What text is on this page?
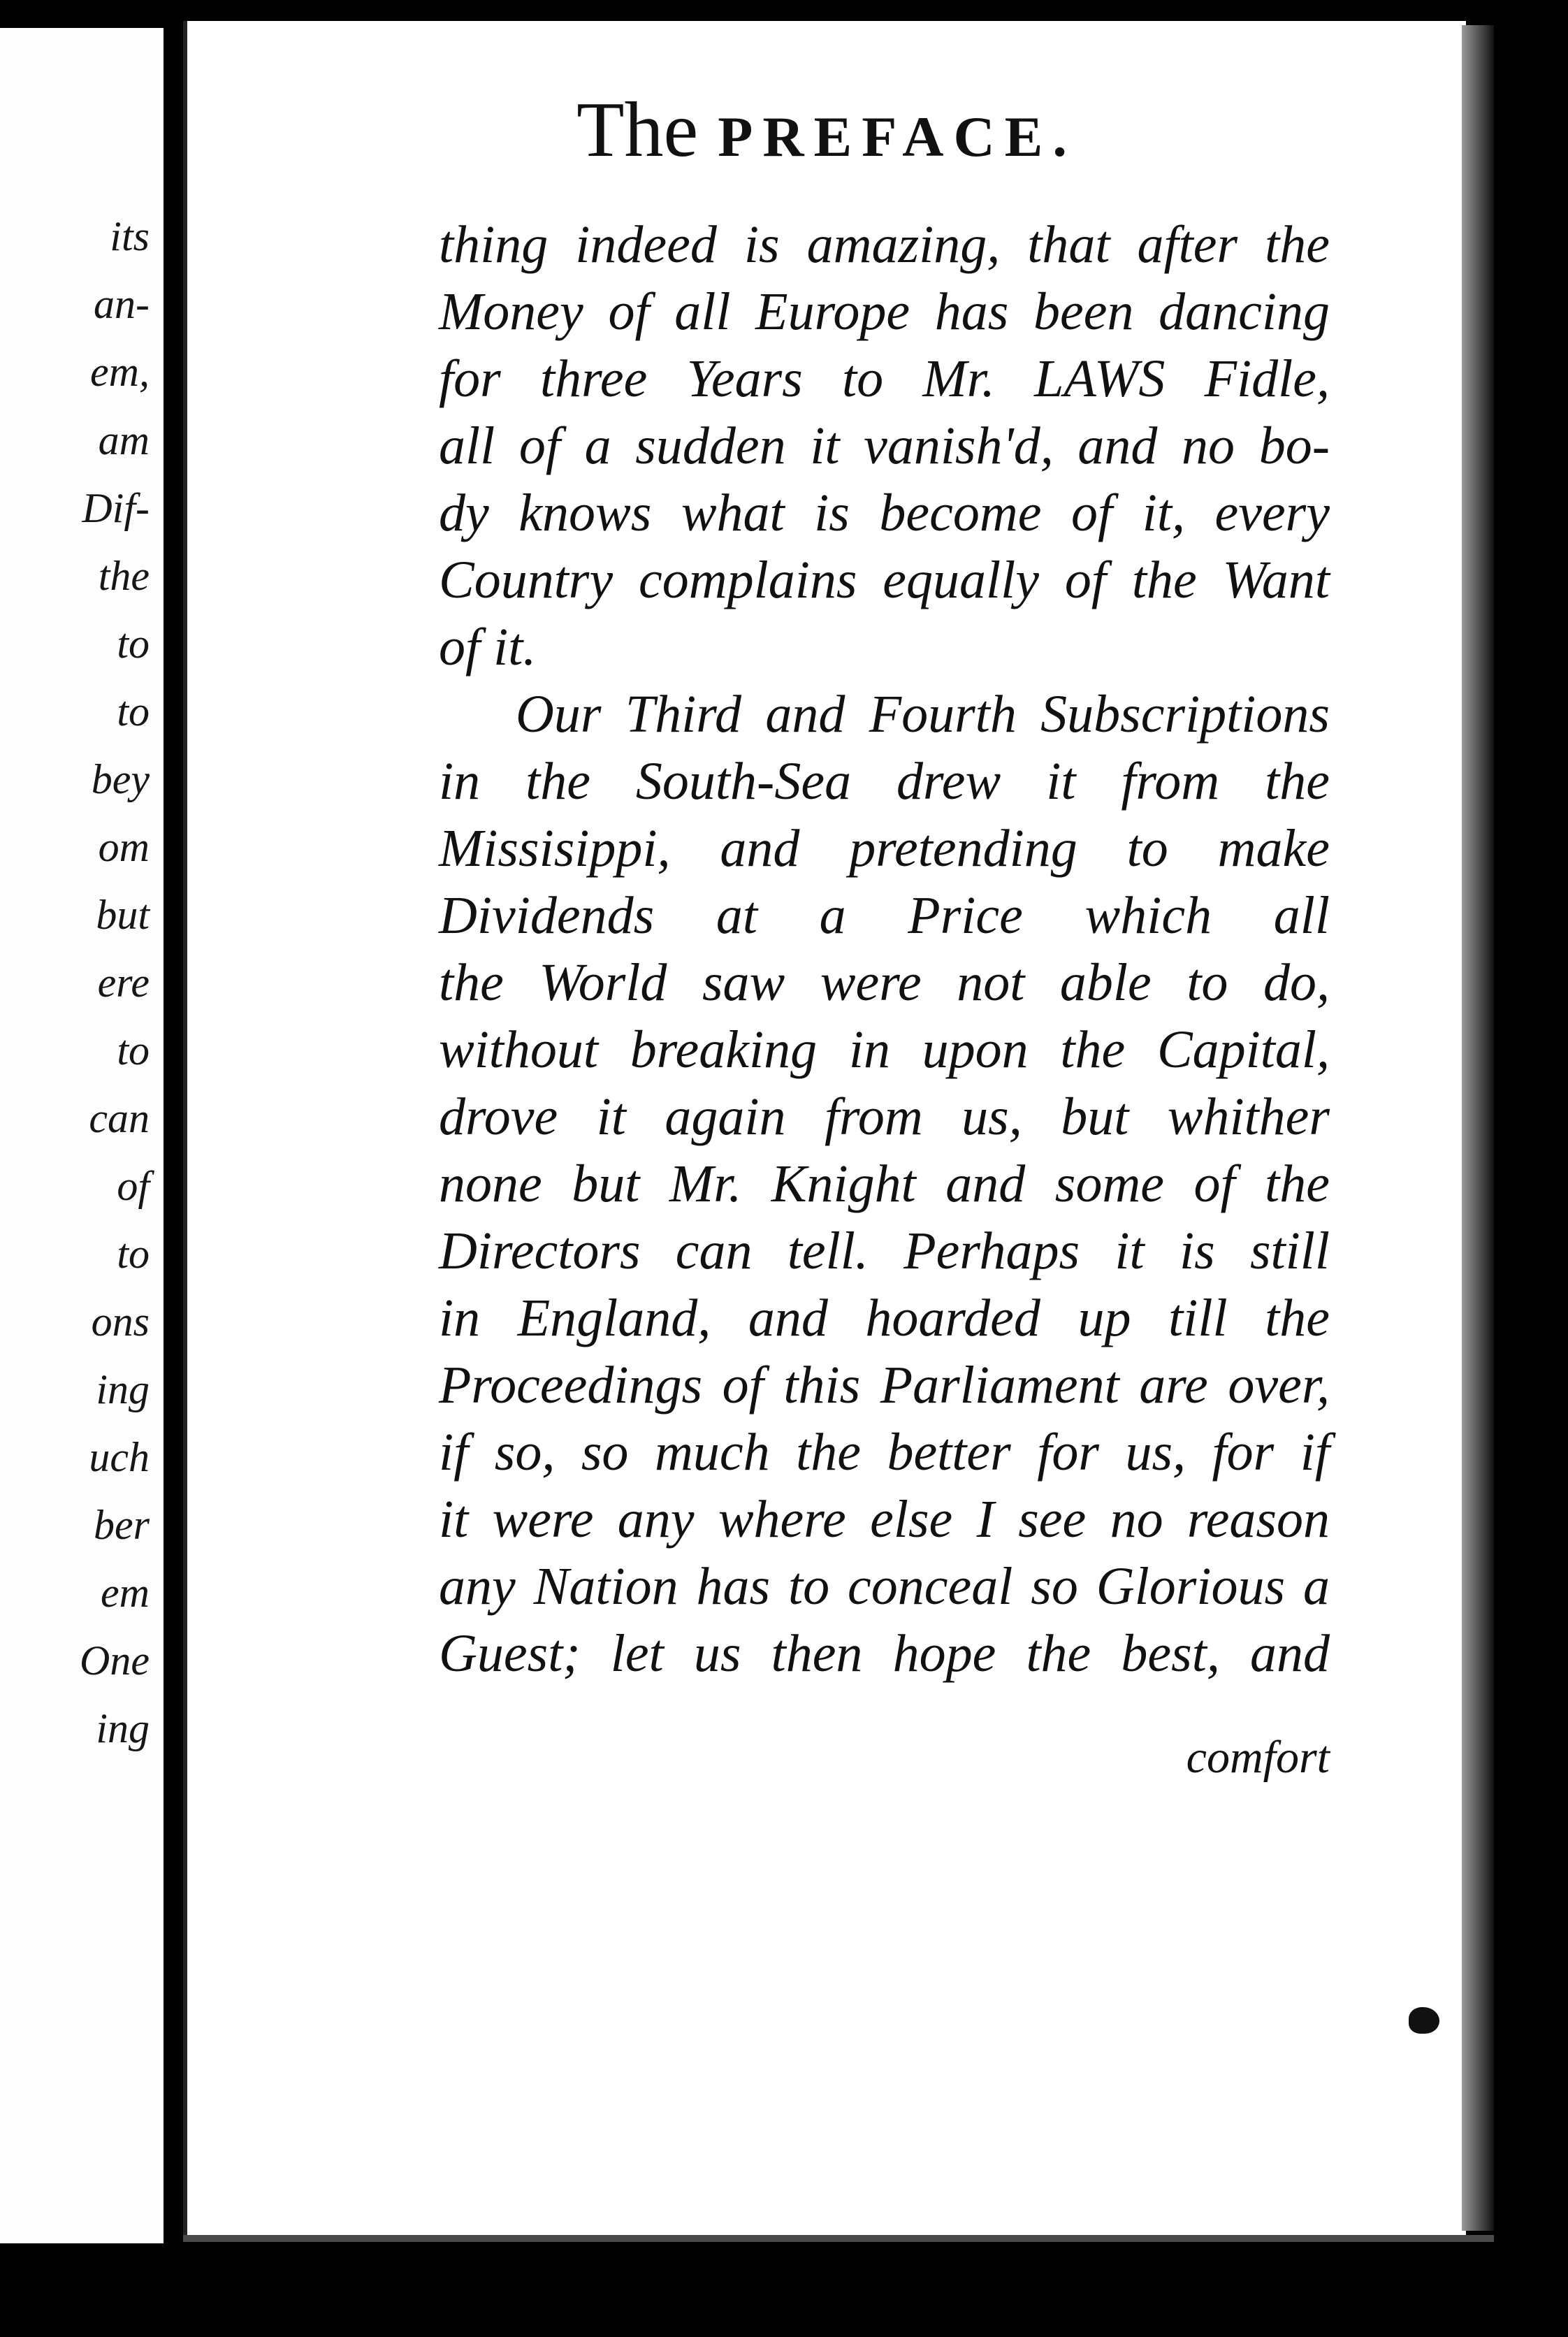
its
an-
em,
am
Dif-
the
to
to
bey
om
but
ere
to
can
of
to
ons
ing
uch
ber
em
One
ing
The PREFACE.
thing indeed is amazing, that after the
Money of all Europe has been dancing
for three Years to Mr. LAWS Fidle,
all of a sudden it vanish'd, and no bo-
dy knows what is become of it, every
Country complains equally of the Want
of it.
Our Third and Fourth Subscriptions
in the South-Sea drew it from the
Missisippi, and pretending to make
Dividends at a Price which all
the World saw were not able to do,
without breaking in upon the Capital,
drove it again from us, but whither
none but Mr. Knight and some of the
Directors can tell. Perhaps it is still
in England, and hoarded up till the
Proceedings of this Parliament are over,
if so, so much the better for us, for if
it were any where else I see no reason
any Nation has to conceal so Glorious a
Guest; let us then hope the best, and
comfort
